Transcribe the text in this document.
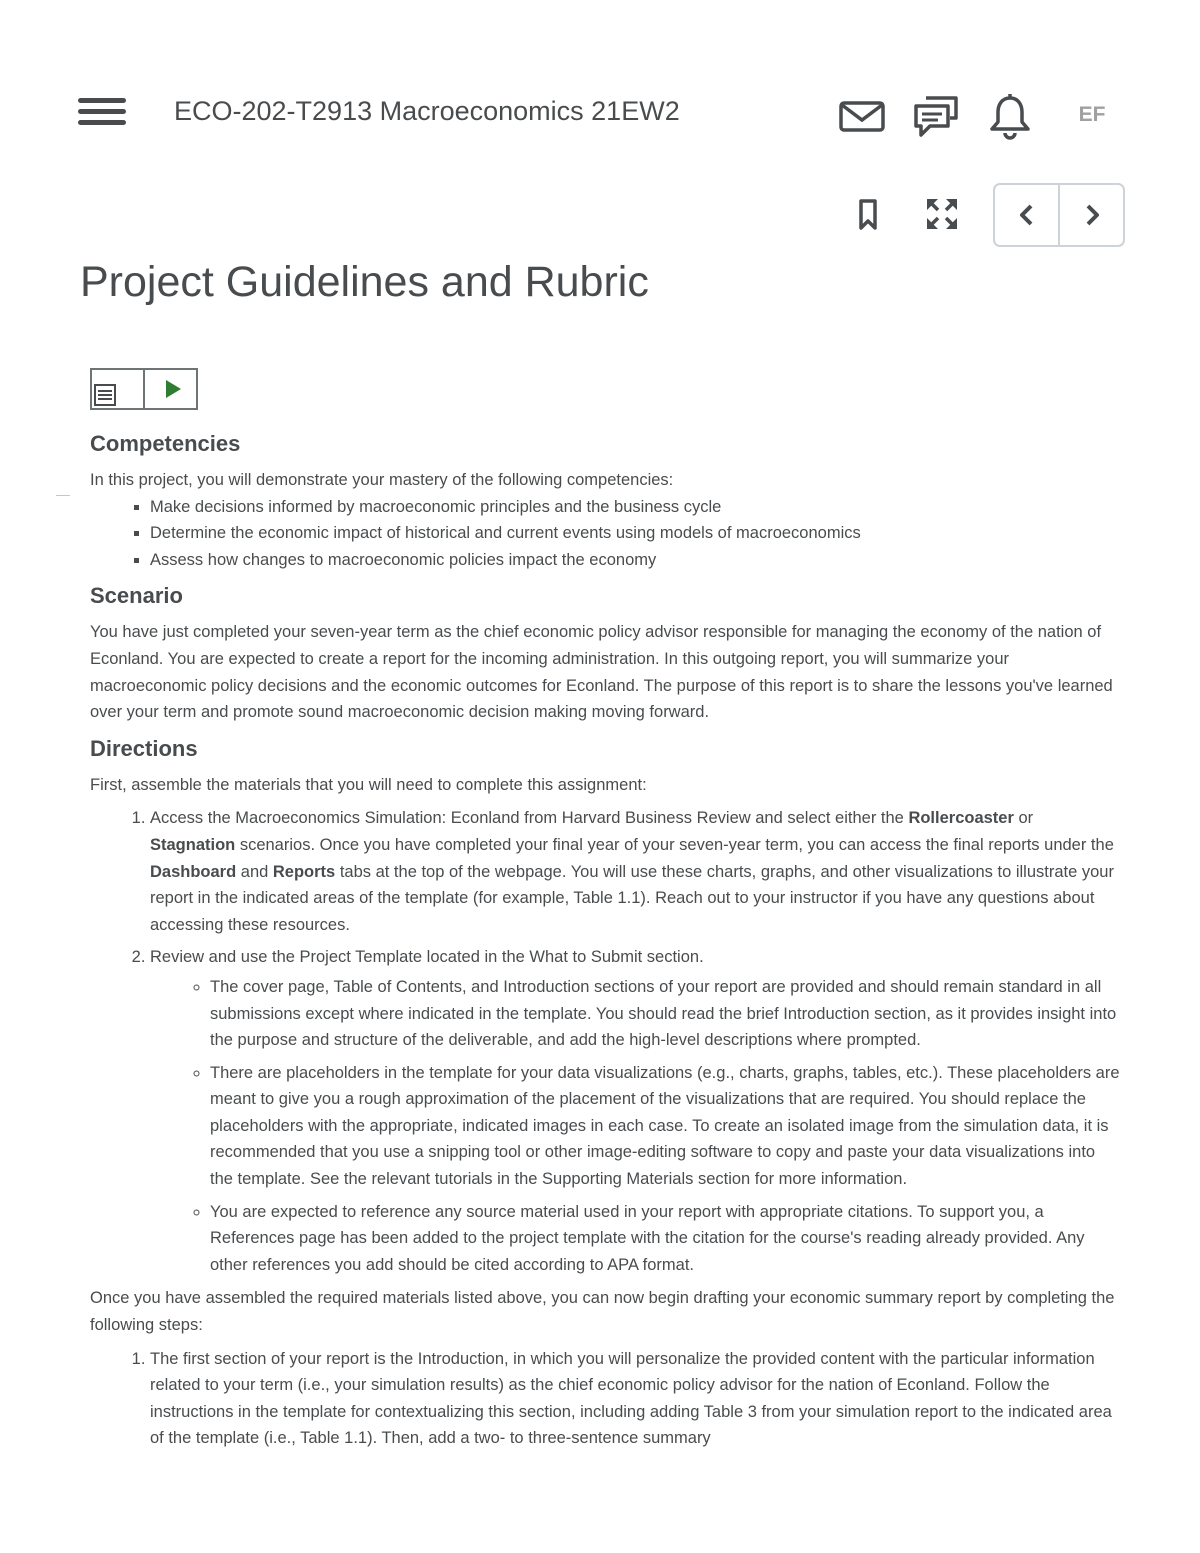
ECO-202-T2913 Macroeconomics 21EW2	EF
Project Guidelines and Rubric
Competencies

In this project, you will demonstrate your mastery of the following competencies:

▪ Make decisions informed by macroeconomic principles and the business cycle
▪ Determine the economic impact of historical and current events using models of macroeconomics
▪ Assess how changes to macroeconomic policies impact the economy
Scenario

You have just completed your seven-year term as the chief economic policy advisor responsible for managing the economy of the nation of Econland. You are expected to create a report for the incoming administration. In this outgoing report, you will summarize your macroeconomic policy decisions and the economic outcomes for Econland. The purpose of this report is to share the lessons you've learned over your term and promote sound macroeconomic decision making moving forward.

Directions

First, assemble the materials that you will need to complete this assignment:

1. Access the Macroeconomics Simulation: Econland from Harvard Business Review and select either the Rollercoaster or Stagnation scenarios. Once you have completed your final year of your seven-year term, you can access the final reports under the Dashboard and Reports tabs at the top of the webpage. You will use these charts, graphs, and other visualizations to illustrate your report in the indicated areas of the template (for example, Table 1.1). Reach out to your instructor if you have any questions about accessing these resources.
2. Review and use the Project Template located in the What to Submit section.
◦ The cover page, Table of Contents, and Introduction sections of your report are provided and should remain standard in all submissions except where indicated in the template. You should read the brief Introduction section, as it provides insight into the purpose and structure of the deliverable, and add the high-level descriptions where prompted.
◦ There are placeholders in the template for your data visualizations (e.g., charts, graphs, tables, etc.). These placeholders are meant to give you a rough approximation of the placement of the visualizations that are required. You should replace the placeholders with the appropriate, indicated images in each case. To create an isolated image from the simulation data, it is recommended that you use a snipping tool or other image-editing software to copy and paste your data visualizations into the template. See the relevant tutorials in the Supporting Materials section for more information.
◦ You are expected to reference any source material used in your report with appropriate citations. To support you, a References page has been added to the project template with the citation for the course's reading already provided. Any other references you add should be cited according to APA format.

Once you have assembled the required materials listed above, you can now begin drafting your economic summary report by completing the following steps:

1. The first section of your report is the Introduction, in which you will personalize the provided content with the particular information related to your term (i.e., your simulation results) as the chief economic policy advisor for the nation of Econland. Follow the instructions in the template for contextualizing this section, including adding Table 3 from your simulation report to the indicated area of the template (i.e., Table 1.1). Then, add a two- to three-sentence summary
